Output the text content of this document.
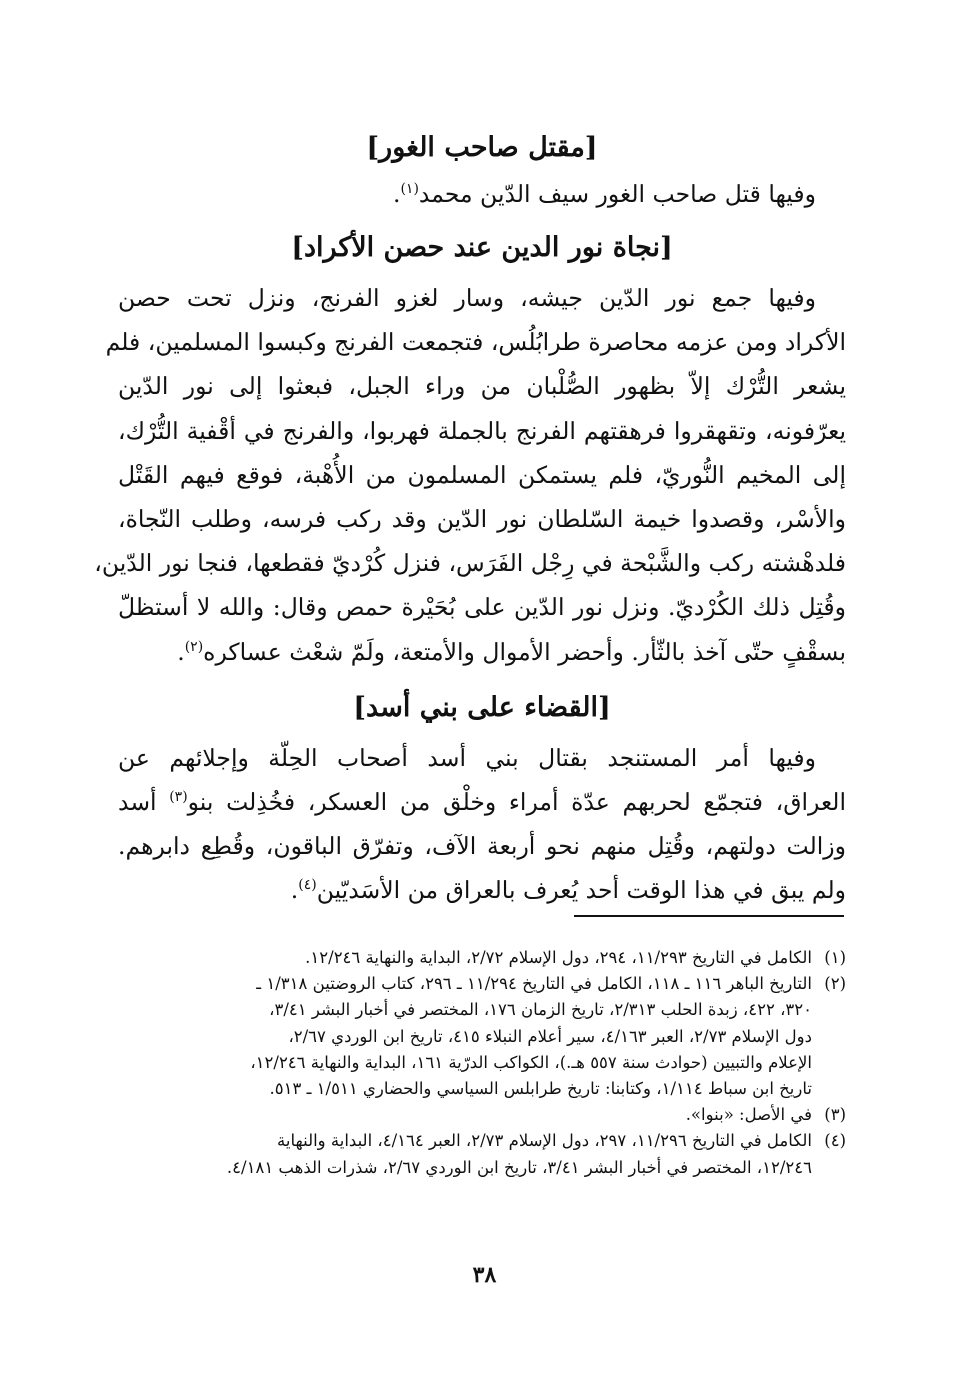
[مقتل صاحب الغور]

وفيها قتل صاحب الغور سيف الدّين محمد$^{(١)}$.

[نجاة نور الدين عند حصن الأكراد]
وفيها جمع نور الدّين جيشه، وسار لغزو الفرنج، ونزل تحت حصن
الأكراد ومن عزمه محاصرة طرابُلُس، فتجمعت الفرنج وكبسوا المسلمين، فلم
يشعر التُّرْك إلاّ بظهور الصُّلْبان من وراء الجبل، فبعثوا إلى نور الدّين
يعرّفونه، وتقهقروا فرهقتهم الفرنج بالجملة فهربوا، والفرنج في أقْفية التُّرْك،
إلى المخيم النُّوريّ، فلم يستمكن المسلمون من الأُهْبة، فوقع فيهم القَتْل
والأسْر، وقصدوا خيمة السّلطان نور الدّين وقد ركب فرسه، وطلب النّجاة،
فلدهْشته ركب والشَّبْحة في رِجْل الفَرَس، فنزل كُرْديّ فقطعها، فنجا نور الدّين،
وقُتِل ذلك الكُرْديّ. ونزل نور الدّين على بُحَيْرة حمص وقال: والله لا أستظلّ
بسقْفٍ حتّى آخذ بالثّأر. وأحضر الأموال والأمتعة، ولَمّ شعْث عساكره$^{(٢)}$.
[القضاء على بني أسد]
وفيها أمر المستنجد بقتال بني أسد أصحاب الحِلّة وإجلائهم عن
العراق، فتجمّع لحربهم عدّة أمراء وخلْق من العسكر، فخُذِلت بنو$^{(٣)}$ أسد
وزالت دولتهم، وقُتِل منهم نحو أربعة الآف، وتفرّق الباقون، وقُطِع دابرهم.
ولم يبق في هذا الوقت أحد يُعرف بالعراق من الأسَديّين$^{(٤)}$.
(١)
الكامل في التاريخ ١١/٢٩٣، ٢٩٤، دول الإسلام ٢/٧٢، البداية والنهاية ١٢/٢٤٦.
(٢)
التاريخ الباهر ١١٦ ـ ١١٨، الكامل في التاريخ ١١/٢٩٤ ـ ٢٩٦، كتاب الروضتين ١/٣١٨ ـ
٣٢٠، ٤٢٢، زبدة الحلب ٢/٣١٣، تاريخ الزمان ١٧٦، المختصر في أخبار البشر ٣/٤١،
دول الإسلام ٢/٧٣، العبر ٤/١٦٣، سير أعلام النبلاء ٤١٥، تاريخ ابن الوردي ٢/٦٧،
الإعلام والتبيين (حوادث سنة ٥٥٧ هـ.)، الكواكب الدرّية ١٦١، البداية والنهاية ١٢/٢٤٦،
تاريخ ابن سباط ١/١١٤، وكتابنا: تاريخ طرابلس السياسي والحضاري ١/٥١١ ـ ٥١٣.
(٣)
في الأصل: «بنوا».
(٤)
الكامل في التاريخ ١١/٢٩٦، ٢٩٧، دول الإسلام ٢/٧٣، العبر ٤/١٦٤، البداية والنهاية
١٢/٢٤٦، المختصر في أخبار البشر ٣/٤١، تاريخ ابن الوردي ٢/٦٧، شذرات الذهب ٤/١٨١.
٣٨
